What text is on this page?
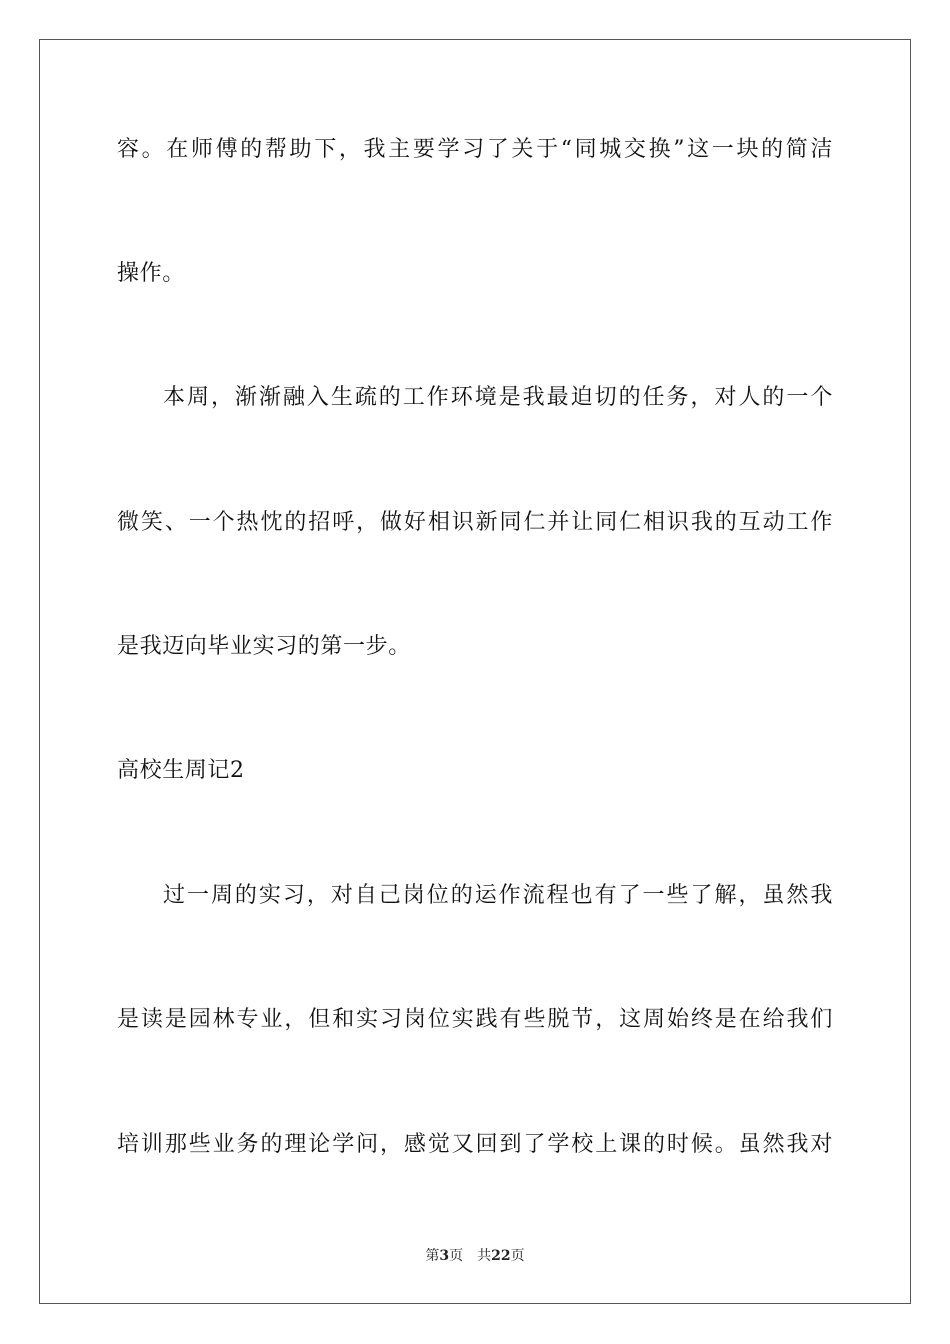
容。在师傅的帮助下，我主要学习了关于“同城交换”这一块的简洁
操作。
本周，渐渐融入生疏的工作环境是我最迫切的任务，对人的一个
微笑、一个热忱的招呼，做好相识新同仁并让同仁相识我的互动工作
是我迈向毕业实习的第一步。
高校生周记2
过一周的实习，对自己岗位的运作流程也有了一些了解，虽然我
是读是园林专业，但和实习岗位实践有些脱节，这周始终是在给我们
培训那些业务的理论学问，感觉又回到了学校上课的时候。虽然我对
第3页　共22页
